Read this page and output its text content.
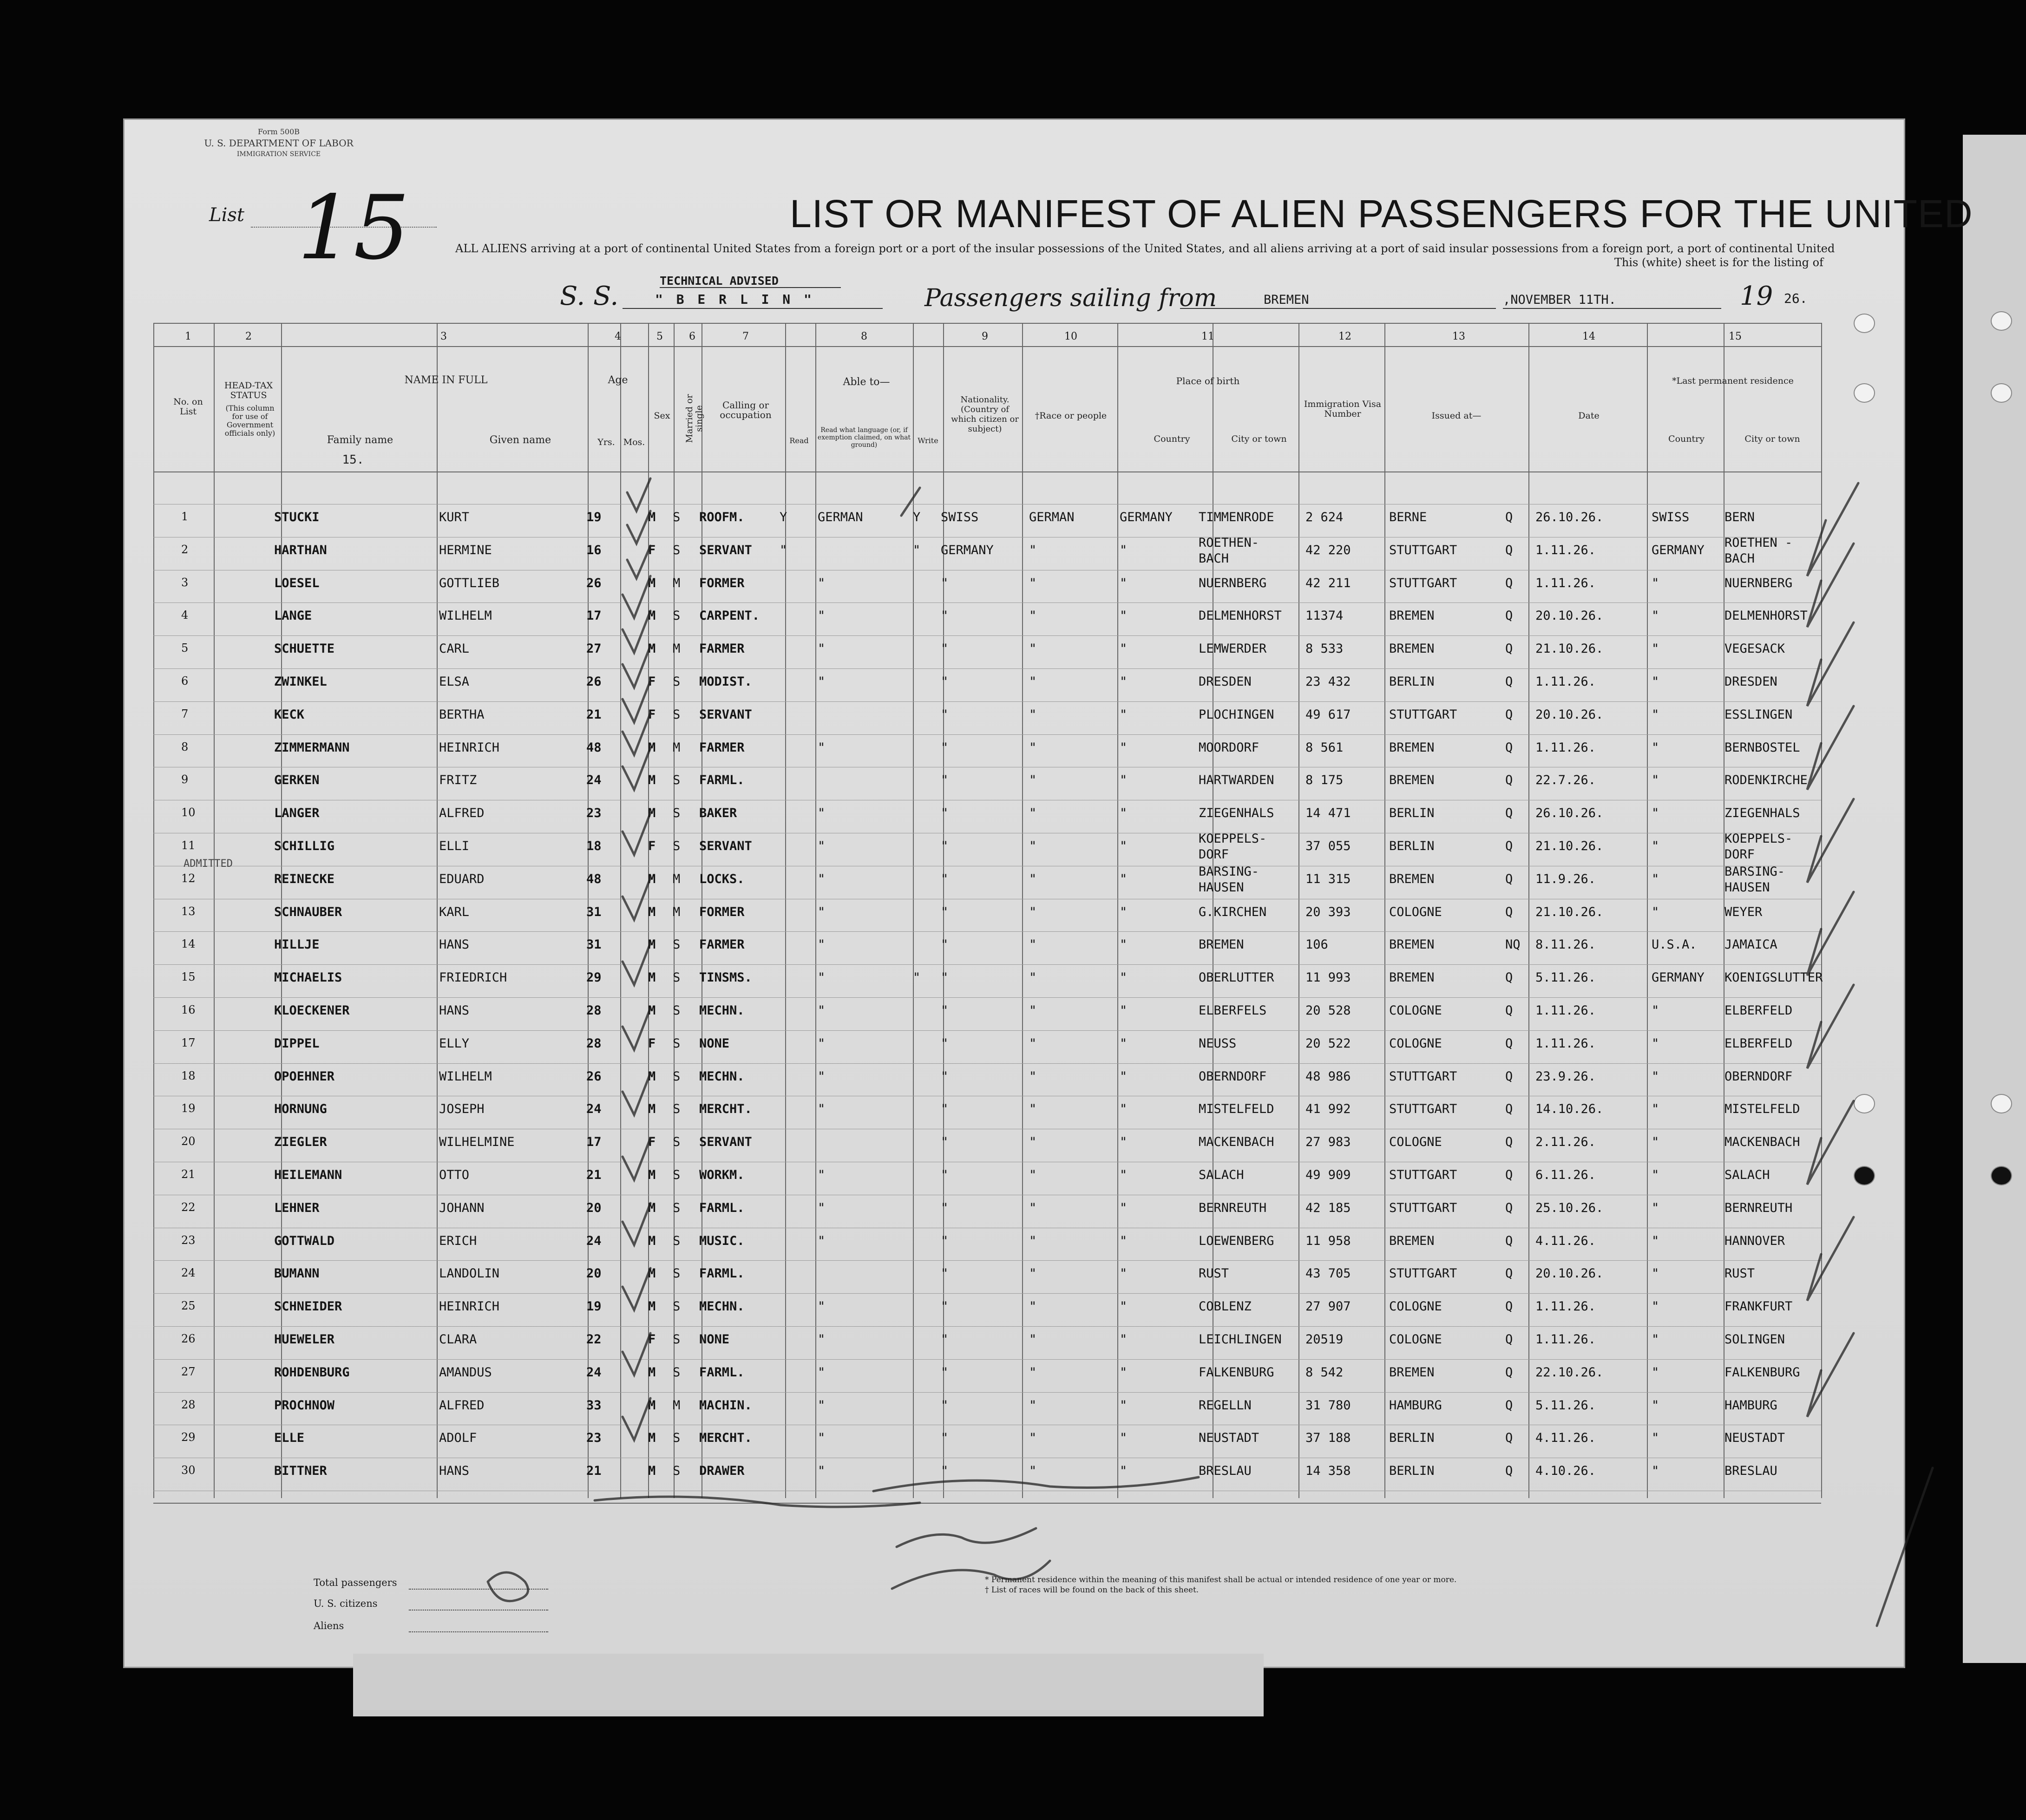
Form 500B
U. S. DEPARTMENT OF LABOR
IMMIGRATION SERVICE
List 15	LIST OR MANIFEST OF ALIEN PASSENGERS FOR THE UNITED
ALL ALIENS arriving at a port of continental United States from a foreign port or a port of the insular possessions of the United States, and all aliens arriving at a port of said insular possessions from a foreign port, a port of continental United
This (white) sheet is for the listing of
S. S.
TECHNICAL ADVISED
" B E R L I N "	Passengers sailing from	BREMEN	,NOVEMBER 11TH.	19 26.
1	2	3	4	5	6	7	8	9	10	11	12	13	14	15
No. on List
HEAD-TAX STATUS
(This column for use of Government officials only)
NAME IN FULL
Family name
15.
Given name
Age
Yrs. Mos.
Sex	Married or single
Calling or occupation
Able to—
Read
Read what language (or, if exemption claimed, on what ground)	Write
Nationality. (Country of which citizen or subject)
†Race or people
Place of birth
Country	City or town
Immigration Visa Number	Issued at—	Date
*Last permanent residence
Country	City or town
1	STUCKI	KURT	19	M S ROOFM.	Y GERMAN	Y SWISS	GERMAN	GERMANY TIMMENRODE 2 624	BERNE	Q 26.10.26.	SWISS	BERN
2	HARTHAN	HERMINE	16	F S SERVANT "	" GERMANY	"	"
ROETHEN-
42 220	STUTTGART	Q 1.11.26.	GERMANY
ROETHEN -
BACH	BACH
3	LOESEL	GOTTLIEB	26	M M FORMER	"	"	"	"	NUERNBERG	42 211	STUTTGART	Q 1.11.26.	"	NUERNBERG
4	LANGE	WILHELM	17	M S CARPENT.	"	"	"	"	DELMENHORST 11374	BREMEN	Q 20.10.26.	"	DELMENHORST
5	SCHUETTE	CARL	27	M M FARMER	"	"	"	"	LEMWERDER	8 533	BREMEN	Q 21.10.26.	"	VEGESACK
6	ZWINKEL	ELSA	26	F S MODIST.	"	"	"	"	DRESDEN	23 432	BERLIN	Q 1.11.26.	"	DRESDEN
7	KECK	BERTHA	21	F S SERVANT	"	"	"	PLOCHINGEN 49 617	STUTTGART	Q 20.10.26.	"	ESSLINGEN
8	ZIMMERMANN	HEINRICH	48	M M FARMER	"	"	"	"	MOORDORF	8 561	BREMEN	Q 1.11.26.	"	BERNBOSTEL
9	GERKEN	FRITZ	24	M S FARML.	"	"	"	HARTWARDEN 8 175	BREMEN	Q 22.7.26.	"	RODENKIRCHE
10	LANGER	ALFRED	23	M S BAKER	"	"	"	"	ZIEGENHALS 14 471	BERLIN	Q 26.10.26.	"	ZIEGENHALS
11	SCHILLIG	ELLI	18	F S SERVANT	"	"	"	"
KOEPPELS-
37 055	BERLIN	Q 21.10.26.	"
KOEPPELS-
DORF	DORF
12	REINECKE	EDUARD	48	M M LOCKS.	"	"	"	"
BARSING-
11 315	BREMEN	Q 11.9.26.	"
BARSING-
HAUSEN	HAUSEN
13	SCHNAUBER	KARL	31	M M FORMER	"	"	"	"	G.KIRCHEN	20 393	COLOGNE	Q 21.10.26.	"	WEYER
14	HILLJE	HANS	31	M S FARMER	"	"	"	"	BREMEN	106	BREMEN	NQ 8.11.26.	U.S.A. JAMAICA
15	MICHAELIS	FRIEDRICH	29	M S TINSMS.	"	" "	"	"	OBERLUTTER 11 993	BREMEN	Q 5.11.26.	GERMANY KOENIGSLUTTER
16	KLOECKENER	HANS	28	M S MECHN.	"	"	"	"	ELBERFELS	20 528	COLOGNE	Q 1.11.26.	"	ELBERFELD
17	DIPPEL	ELLY	28	F S NONE	"	"	"	"	NEUSS	20 522	COLOGNE	Q 1.11.26.	"	ELBERFELD
18	OPOEHNER	WILHELM	26	M S MECHN.	"	"	"	"	OBERNDORF	48 986	STUTTGART	Q 23.9.26.	"	OBERNDORF
19	HORNUNG	JOSEPH	24	M S MERCHT.	"	"	"	"	MISTELFELD 41 992	STUTTGART	Q 14.10.26.	"	MISTELFELD
20	ZIEGLER	WILHELMINE	17	F S SERVANT	"	"	"	MACKENBACH 27 983	COLOGNE	Q 2.11.26.	"	MACKENBACH
21	HEILEMANN	OTTO	21	M S WORKM.	"	"	"	"	SALACH	49 909	STUTTGART	Q 6.11.26.	"	SALACH
22	LEHNER	JOHANN	20	M S FARML.	"	"	"	"	BERNREUTH	42 185	STUTTGART	Q 25.10.26.	"	BERNREUTH
23	GOTTWALD	ERICH	24	M S MUSIC.	"	"	"	"	LOEWENBERG 11 958	BREMEN	Q 4.11.26.	"	HANNOVER
24	BUMANN	LANDOLIN	20	M S FARML.	"	"	"	RUST	43 705	STUTTGART	Q 20.10.26.	"	RUST
25	SCHNEIDER	HEINRICH	19	M S MECHN.	"	"	"	"	COBLENZ	27 907	COLOGNE	Q 1.11.26.	"	FRANKFURT
26	HUEWELER	CLARA	22	F S NONE	"	"	"	"	LEICHLINGEN 20519	COLOGNE	Q 1.11.26.	"	SOLINGEN
27	ROHDENBURG	AMANDUS	24	M S FARML.	"	"	"	"	FALKENBURG 8 542	BREMEN	Q 22.10.26.	"	FALKENBURG
28	PROCHNOW	ALFRED	33	M M MACHIN.	"	"	"	"	REGELLN	31 780	HAMBURG	Q 5.11.26.	"	HAMBURG
29	ELLE	ADOLF	23	M S MERCHT.	"	"	"	"	NEUSTADT	37 188	BERLIN	Q 4.11.26.	"	NEUSTADT
30	BITTNER	HANS	21	M S DRAWER	"	"	"	"	BRESLAU	14 358	BERLIN	Q 4.10.26.	"	BRESLAU
ADMITTED
Total passengers
U. S. citizens
Aliens
* Permanent residence within the meaning of this manifest shall be actual or intended residence of one year or more.
† List of races will be found on the back of this sheet.
